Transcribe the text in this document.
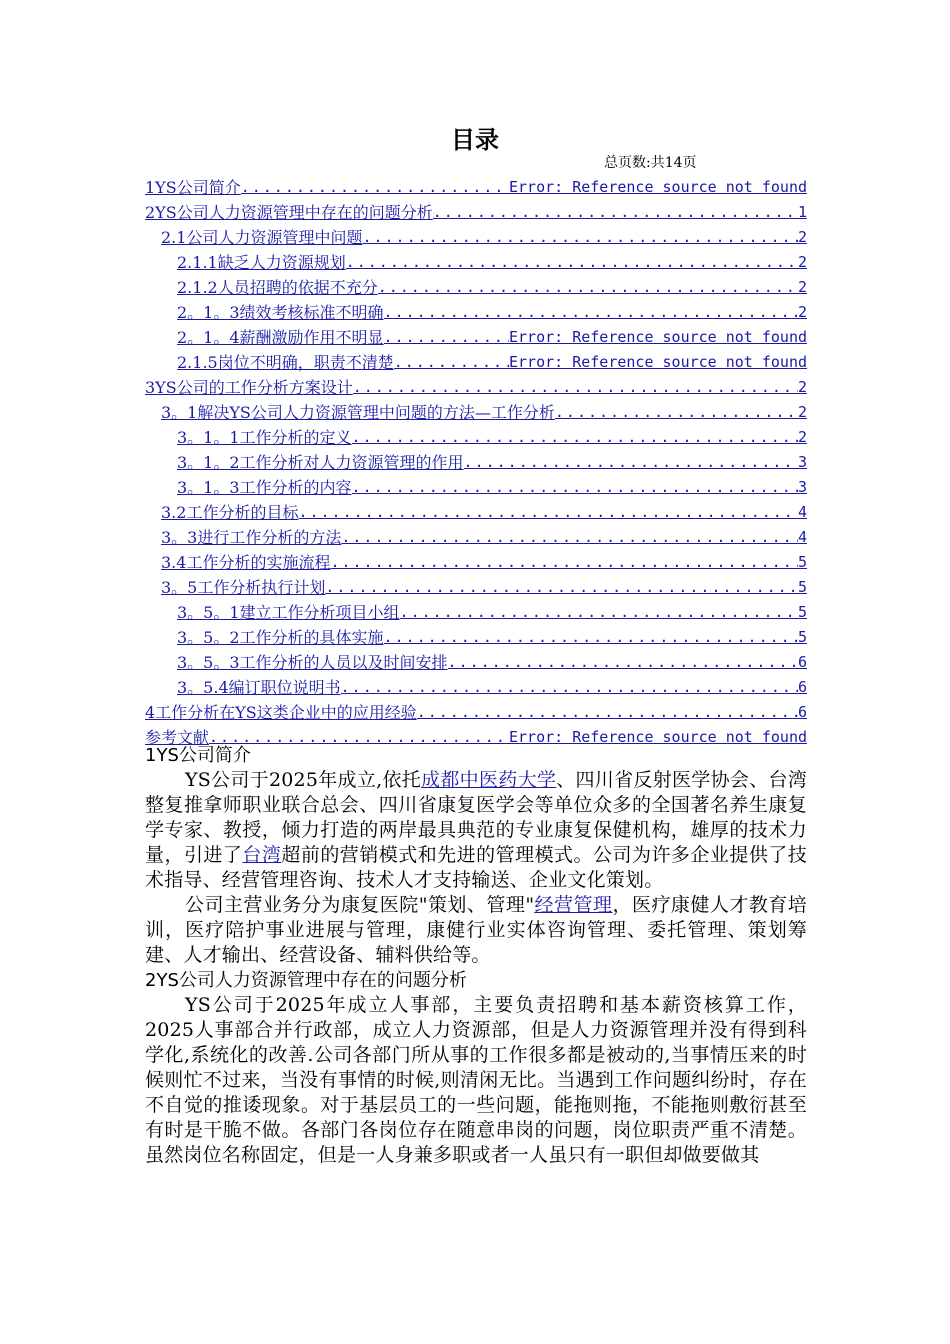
目录
总页数:共14页
1YS公司简介 .....	Error: Reference source not found
2YS公司人力资源管理中存在的问题分析 .....	1
2.1公司人力资源管理中问题 .....	2
2.1.1缺乏人力资源规划 .....	2
2.1.2人员招聘的依据不充分 .....	2
2。1。3绩效考核标准不明确 .....	2
2。1。4薪酬激励作用不明显 .....	Error: Reference source not found
2.1.5岗位不明确，职责不清楚 .....	Error: Reference source not found
3YS公司的工作分析方案设计 .....	2
3。1解决YS公司人力资源管理中问题的方法—工作分析 .....	2
3。1。1工作分析的定义 .....	2
3。1。2工作分析对人力资源管理的作用 .....	3
3。1。3工作分析的内容 .....	3
3.2工作分析的目标 .....	4
3。3进行工作分析的方法 .....	4
3.4工作分析的实施流程 .....	5
3。5工作分析执行计划 .....	5
3。5。1建立工作分析项目小组 .....	5
3。5。2工作分析的具体实施 .....	5
3。5。3工作分析的人员以及时间安排 .....	6
3。5.4编订职位说明书 .....	6
4工作分析在YS这类企业中的应用经验 .....	6
参考文献 .....	Error: Reference source not found
1YS公司简介

YS公司于2025年成立,依托成都中医药大学、四川省反射医学协会、台湾整复推拿师职业联合总会、四川省康复医学会等单位众多的全国著名养生康复学专家、教授，倾力打造的两岸最具典范的专业康复保健机构，雄厚的技术力量，引进了台湾超前的营销模式和先进的管理模式。公司为许多企业提供了技术指导、经营管理咨询、技术人才支持输送、企业文化策划。

公司主营业务分为康复医院"策划、管理"经营管理，医疗康健人才教育培训，医疗陪护事业进展与管理，康健行业实体咨询管理、委托管理、策划筹建、人才输出、经营设备、辅料供给等。

2YS公司人力资源管理中存在的问题分析

YS公司于2025年成立人事部，主要负责招聘和基本薪资核算工作，2025人事部合并行政部，成立人力资源部，但是人力资源管理并没有得到科学化,系统化的改善.公司各部门所从事的工作很多都是被动的,当事情压来的时候则忙不过来，当没有事情的时候,则清闲无比。当遇到工作问题纠纷时，存在不自觉的推诿现象。对于基层员工的一些问题，能拖则拖，不能拖则敷衍甚至有时是干脆不做。各部门各岗位存在随意串岗的问题，岗位职责严重不清楚。虽然岗位名称固定，但是一人身兼多职或者一人虽只有一职但却做要做其
